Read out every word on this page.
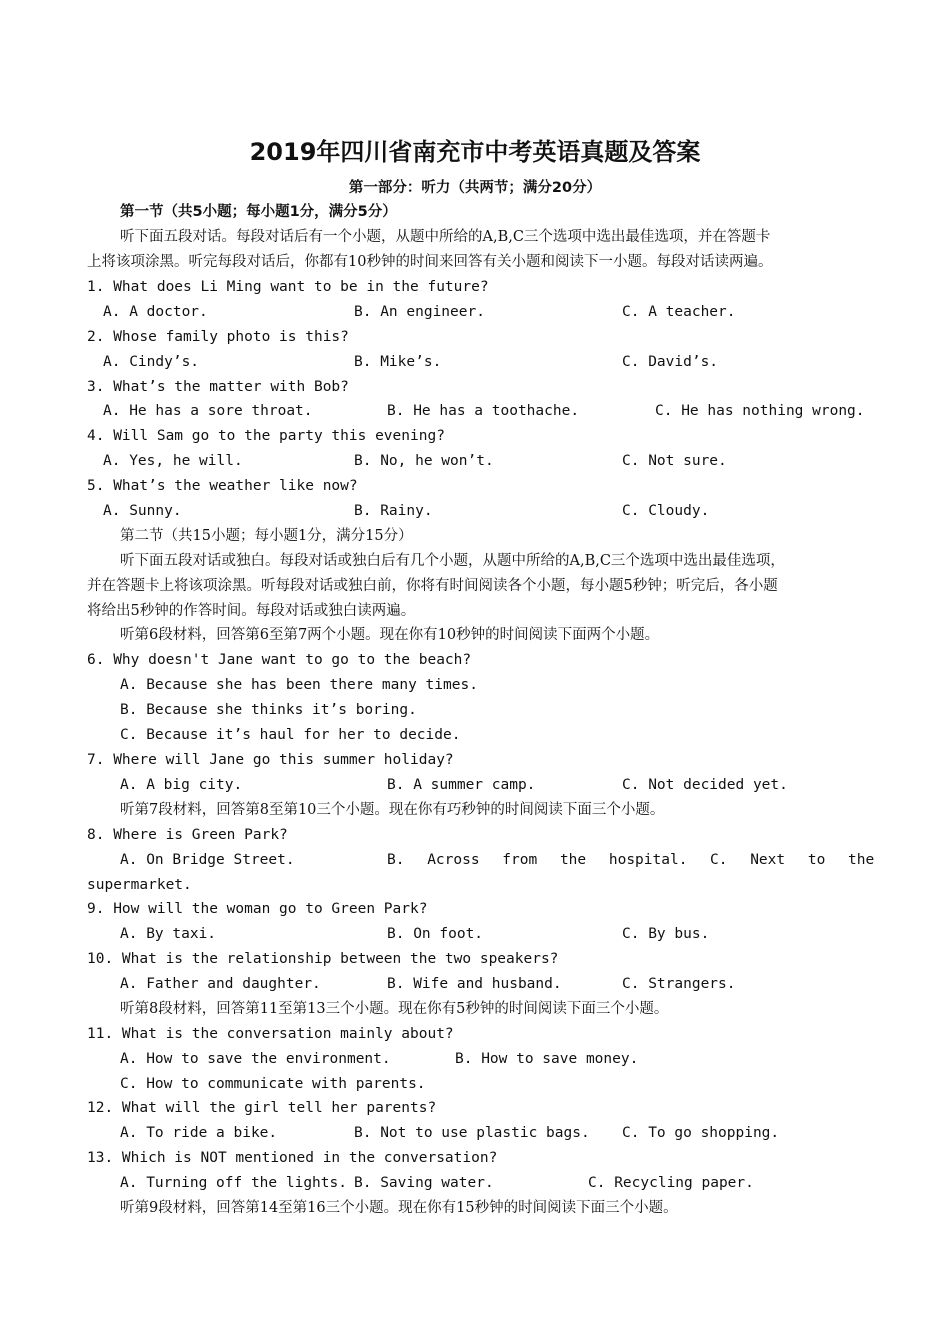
2019年四川省南充市中考英语真题及答案
第一部分：听力（共两节；满分20分）
第一节（共5小题；每小题1分，满分5分）
听下面五段对话。每段对话后有一个小题，从题中所给的A,B,C三个选项中选出最佳选项，并在答题卡
上将该项涂黑。听完每段对话后，你都有10秒钟的时间来回答有关小题和阅读下一小题。每段对话读两遍。
1. What does Li Ming want to be in the future?
A. A doctor.	B. An engineer.	C. A teacher.
2. Whose family photo is this?
A. Cindy’s.	B. Mike’s.	C. David’s.
3. What’s the matter with Bob?
A. He has a sore throat.	B. He has a toothache.	C. He has nothing wrong.
4. Will Sam go to the party this evening?
A. Yes, he will.	B. No, he won’t.	C. Not sure.
5. What’s the weather like now?
A. Sunny.	B. Rainy.	C. Cloudy.
第二节（共15小题；每小题1分，满分15分）
听下面五段对话或独白。每段对话或独白后有几个小题，从题中所给的A,B,C三个选项中选出最佳选项，
并在答题卡上将该项涂黑。听每段对话或独白前，你将有时间阅读各个小题，每小题5秒钟；听完后，各小题
将给出5秒钟的作答时间。每段对话或独白读两遍。
听第6段材料，回答第6至第7两个小题。现在你有10秒钟的时间阅读下面两个小题。
6. Why doesn't Jane want to go to the beach?
A. Because she has been there many times.
B. Because she thinks it’s boring.
C. Because it’s haul for her to decide.
7. Where will Jane go this summer holiday?
A. A big city.	B. A summer camp.	C. Not decided yet.
听第7段材料，回答第8至第10三个小题。现在你有巧秒钟的时间阅读下面三个小题。
8. Where is Green Park?
A. On Bridge Street.	B. Across from the hospital. C. Next to the
supermarket.
9. How will the woman go to Green Park?
A. By taxi.	B. On foot.	C. By bus.
10. What is the relationship between the two speakers?
A. Father and daughter.	B. Wife and husband.	C. Strangers.
听第8段材料，回答第11至第13三个小题。现在你有5秒钟的时间阅读下面三个小题。
11. What is the conversation mainly about?
A. How to save the environment.	B. How to save money.
C. How to communicate with parents.
12. What will the girl tell her parents?
A. To ride a bike.	B. Not to use plastic bags. C. To go shopping.
13. Which is NOT mentioned in the conversation?
A. Turning off the lights. B. Saving water.	C. Recycling paper.
听第9段材料，回答第14至第16三个小题。现在你有15秒钟的时间阅读下面三个小题。
